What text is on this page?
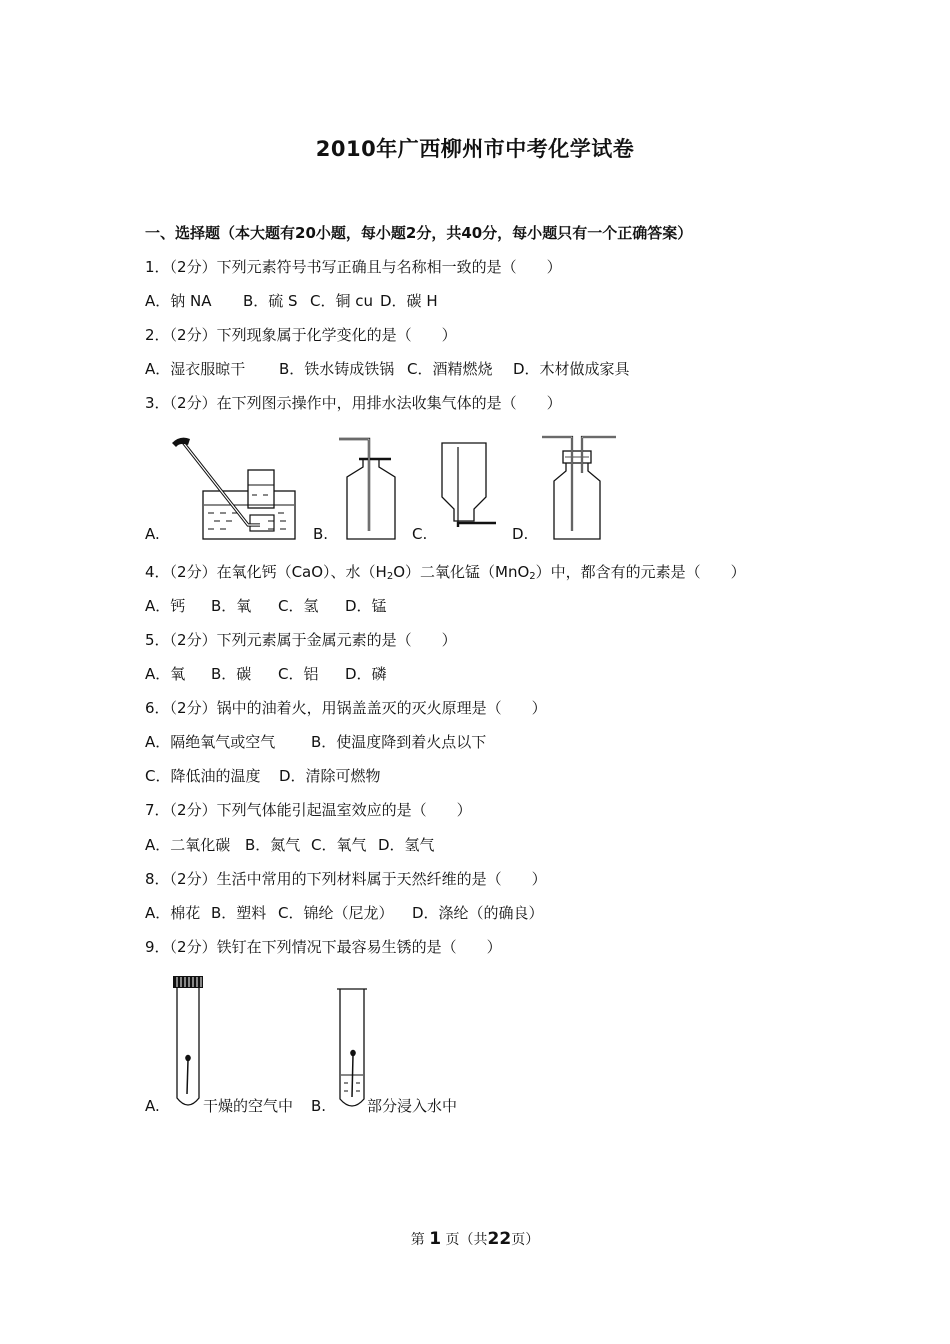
2010年广西柳州市中考化学试卷
一、选择题（本大题有20小题，每小题2分，共40分，每小题只有一个正确答案）
1．（2分）下列元素符号书写正确且与名称相一致的是（　　）
A．钠 NA B．硫 S C．铜 cu D．碳 H
2．（2分）下列现象属于化学变化的是（　　）
A．湿衣服晾干 B．铁水铸成铁锅 C．酒精燃烧 D．木材做成家具
3．（2分）在下列图示操作中，用排水法收集气体的是（　　）
A.	B.	C.	D.
4．（2分）在氧化钙（CaO）、水$(H_2O)$二氧化锰（MnO$_2$）中，都含有的元素是（　　）
A．钙 B．氧 C．氢 D．锰
5．（2分）下列元素属于金属元素的是（　　）
A．氧 B．碳 C．铝 D．磷
6．（2分）锅中的油着火，用锅盖盖灭的灭火原理是（　　）
A．隔绝氧气或空气 B．使温度降到着火点以下
C．降低油的温度 D．清除可燃物
7．（2分）下列气体能引起温室效应的是（　　）
A．二氧化碳 B．氮气 C．氧气 D．氢气
8．（2分）生活中常用的下列材料属于天然纤维的是（　　）
A．棉花 B．塑料 C．锦纶（尼龙） D．涤纶（的确良）
9．（2分）铁钉在下列情况下最容易生锈的是（　　）
A.	干燥的空气中 B.	部分浸入水中
第 1 页（共22页）
